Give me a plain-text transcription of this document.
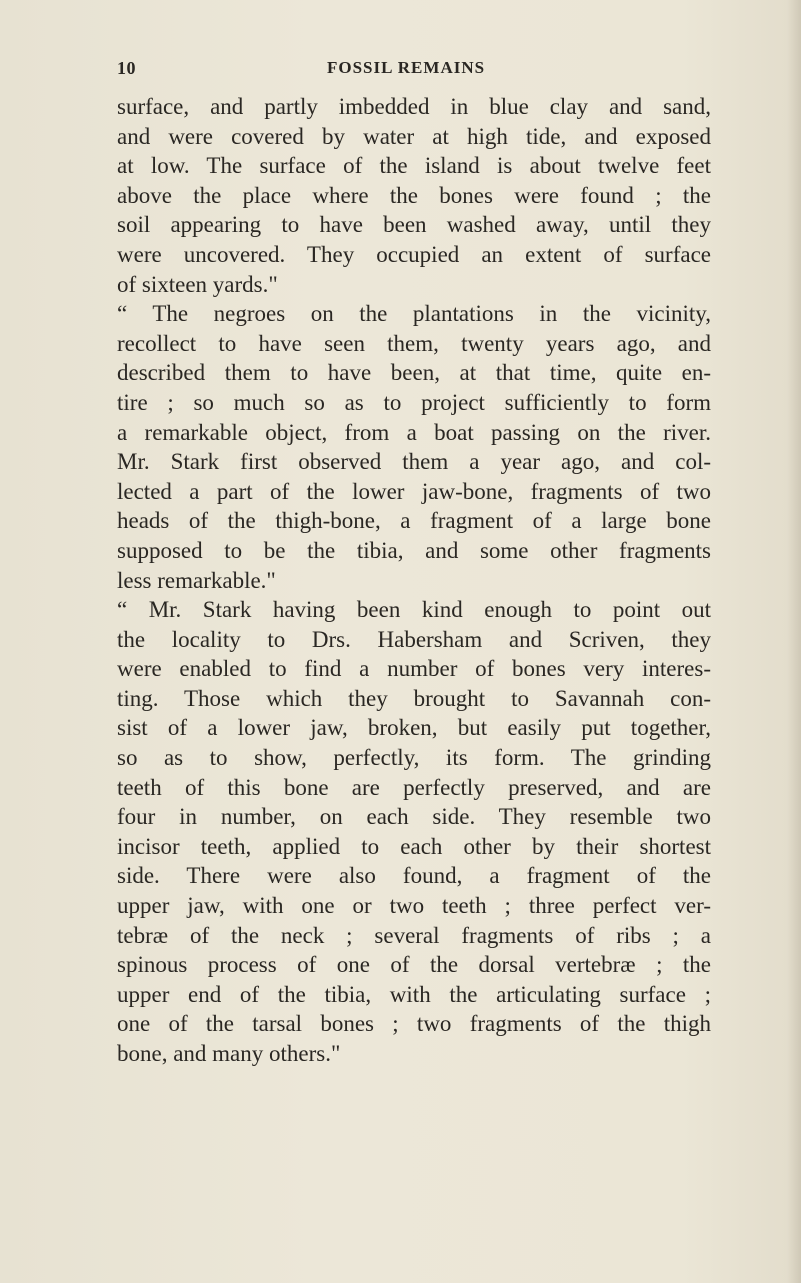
10	FOSSIL REMAINS
surface, and partly imbedded in blue clay and sand,
and were covered by water at high tide, and exposed
at low. The surface of the island is about twelve feet
above the place where the bones were found ; the
soil appearing to have been washed away, until they
were uncovered. They occupied an extent of surface
of sixteen yards."
“ The negroes on the plantations in the vicinity,
recollect to have seen them, twenty years ago, and
described them to have been, at that time, quite en-
tire ; so much so as to project sufficiently to form
a remarkable object, from a boat passing on the river.
Mr. Stark first observed them a year ago, and col-
lected a part of the lower jaw-bone, fragments of two
heads of the thigh-bone, a fragment of a large bone
supposed to be the tibia, and some other fragments
less remarkable."
“ Mr. Stark having been kind enough to point out
the locality to Drs. Habersham and Scriven, they
were enabled to find a number of bones very interes-
ting. Those which they brought to Savannah con-
sist of a lower jaw, broken, but easily put together,
so as to show, perfectly, its form. The grinding
teeth of this bone are perfectly preserved, and are
four in number, on each side. They resemble two
incisor teeth, applied to each other by their shortest
side. There were also found, a fragment of the
upper jaw, with one or two teeth ; three perfect ver-
tebræ of the neck ; several fragments of ribs ; a
spinous process of one of the dorsal vertebræ ; the
upper end of the tibia, with the articulating surface ;
one of the tarsal bones ; two fragments of the thigh
bone, and many others."
